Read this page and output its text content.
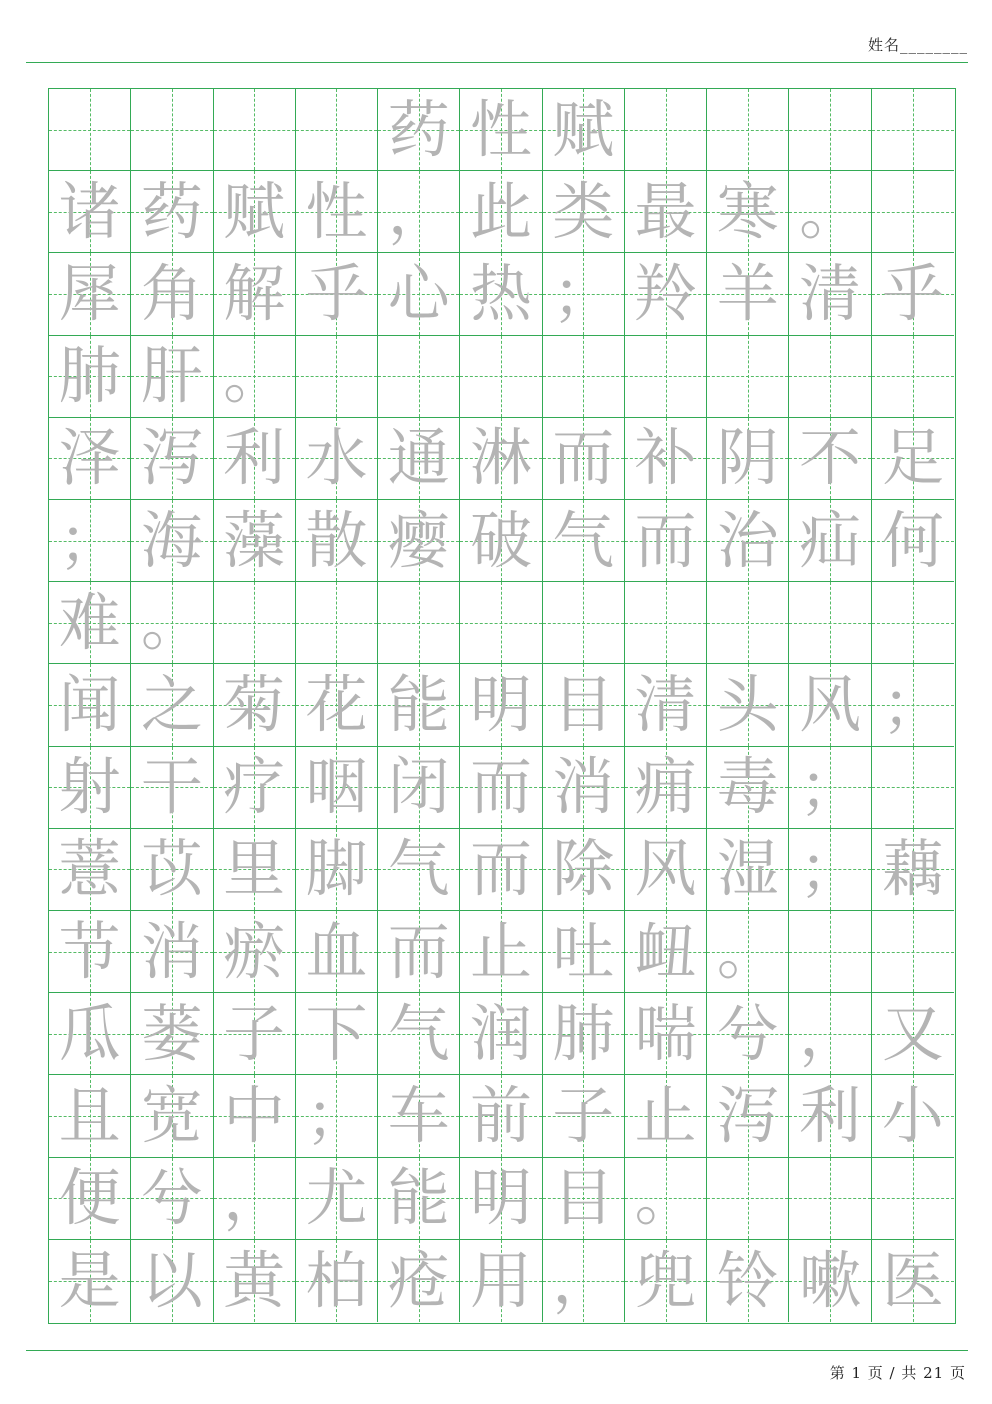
姓名________
药 性 赋
诸 药 赋 性 ， 此 类 最 寒 。
犀 角 解 乎 心 热 ； 羚 羊 清 乎
肺 肝 。
泽 泻 利 水 通 淋 而 补 阴 不 足
； 海 藻 散 瘿 破 气 而 治 疝 何
难 。
闻 之 菊 花 能 明 目 清 头 风 ；
射 干 疗 咽 闭 而 消 痈 毒 ；
薏 苡 里 脚 气 而 除 风 湿 ； 藕
节 消 瘀 血 而 止 吐 衄 。
瓜 蒌 子 下 气 润 肺 喘 兮 ， 又
且 宽 中 ； 车 前 子 止 泻 利 小
便 兮 ， 尤 能 明 目 。
是 以 黄 柏 疮 用 ， 兜 铃 嗽 医
第 1 页 / 共 21 页
